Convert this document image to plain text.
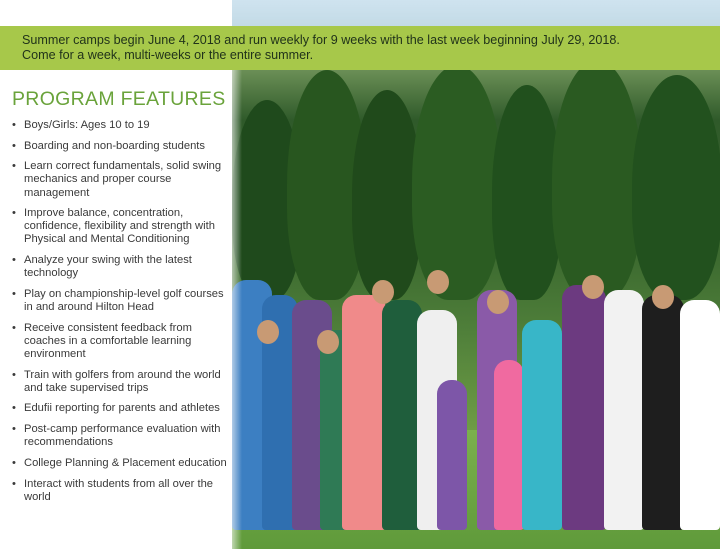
Summer camps begin June 4, 2018 and run weekly for 9 weeks with the last week beginning July 29, 2018.
Come for a week, multi-weeks or the entire summer.
PROGRAM FEATURES
• Boys/Girls: Ages 10 to 19
• Boarding and non-boarding students
• Learn correct fundamentals, solid swing mechanics and proper course management
• Improve balance, concentration, confidence, flexibility and strength with Physical and Mental Conditioning
• Analyze your swing with the latest technology
• Play on championship-level golf courses in and around Hilton Head
• Receive consistent feedback from coaches in a comfortable learning environment
• Train with golfers from around the world and take supervised trips
• Edufii reporting for parents and athletes
• Post-camp performance evaluation with recommendations
• College Planning & Placement education
• Interact with students from all over the world
